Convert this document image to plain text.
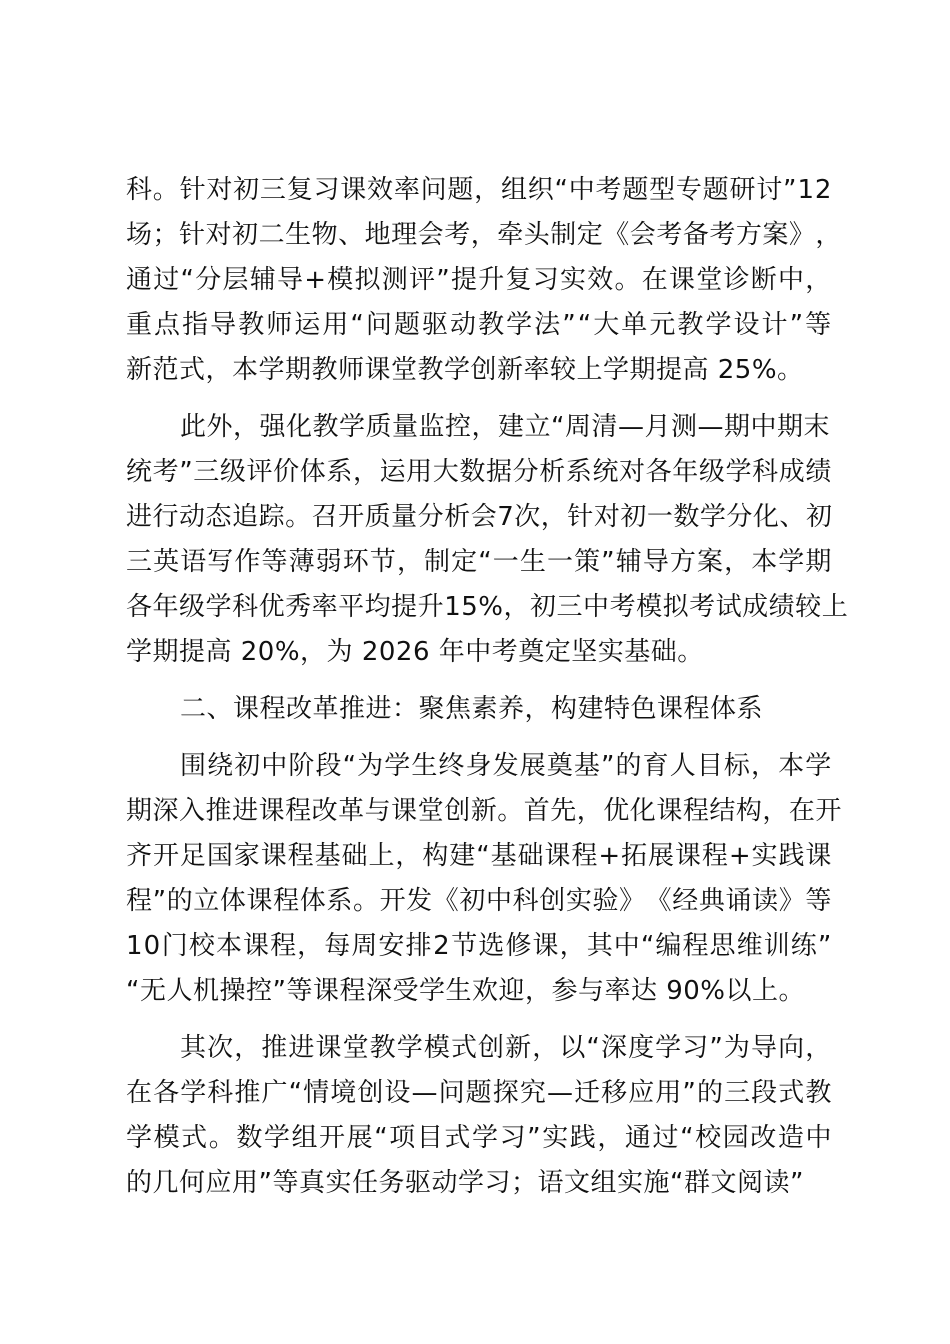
科 。 针 对 初 三 复 习 课 效 率 问 题 ， 组 织 “ 中 考 题 型 专 题 研 讨 ” 1 2
场 ； 针 对 初 二 生 物 、 地 理 会 考 ， 牵 头 制 定 《 会 考 备 考 方 案 》 ，
通 过 “ 分 层 辅 导 + 模 拟 测 评 ” 提 升 复 习 实 效 。 在 课 堂 诊 断 中 ，
重 点 指 导 教 师 运 用 “ 问 题 驱 动 教 学 法 ” “ 大 单 元 教 学 设 计 ” 等
新范式，本学期教师课堂教学创新率较上学期提高 25%。
此外，强化教学质量监控，建立“周清—月测—期中期末
统 考 ” 三 级 评 价 体 系 ， 运 用 大 数 据 分 析 系 统 对 各 年 级 学 科 成 绩
进 行 动 态 追 踪 。 召 开 质 量 分 析 会 7 次 ， 针 对 初 一 数 学 分 化 、 初
三 英 语 写 作 等 薄 弱 环 节 ， 制 定 “ 一 生 一 策 ” 辅 导 方 案 ， 本 学 期
各 年 级 学 科 优 秀 率 平 均 提 升 1 5 % ， 初 三 中 考 模 拟 考 试 成 绩 较 上
学期提高 20%，为 2026 年中考奠定坚实基础。
二、课程改革推进：聚焦素养，构建特色课程体系
围 绕 初 中 阶 段 “ 为 学 生 终 身 发 展 奠 基 ” 的 育 人 目 标 ， 本 学
期 深 入 推 进 课 程 改 革 与 课 堂 创 新 。 首 先 ， 优 化 课 程 结 构 ， 在 开
齐 开 足 国 家 课 程 基 础 上 ， 构 建 “ 基 础 课 程 + 拓 展 课 程 + 实 践 课
程 ” 的 立 体 课 程 体 系 。 开 发 《 初 中 科 创 实 验 》 《 经 典 诵 读 》 等
1 0 门 校 本 课 程 ， 每 周 安 排 2 节 选 修 课 ， 其 中 “ 编 程 思 维 训 练 ”
“无人机操控”等课程深受学生欢迎，参与率达 90%以上。
其 次 ， 推 进 课 堂 教 学 模 式 创 新 ， 以 “ 深 度 学 习 ” 为 导 向 ，
在 各 学 科 推 广 “ 情 境 创 设 — 问 题 探 究 — 迁 移 应 用 ” 的 三 段 式 教
学 模 式 。 数 学 组 开 展 “ 项 目 式 学 习 ” 实 践 ， 通 过 “ 校 园 改 造 中
的几何应用”等真实任务驱动学习；语文组实施“群文阅读”
